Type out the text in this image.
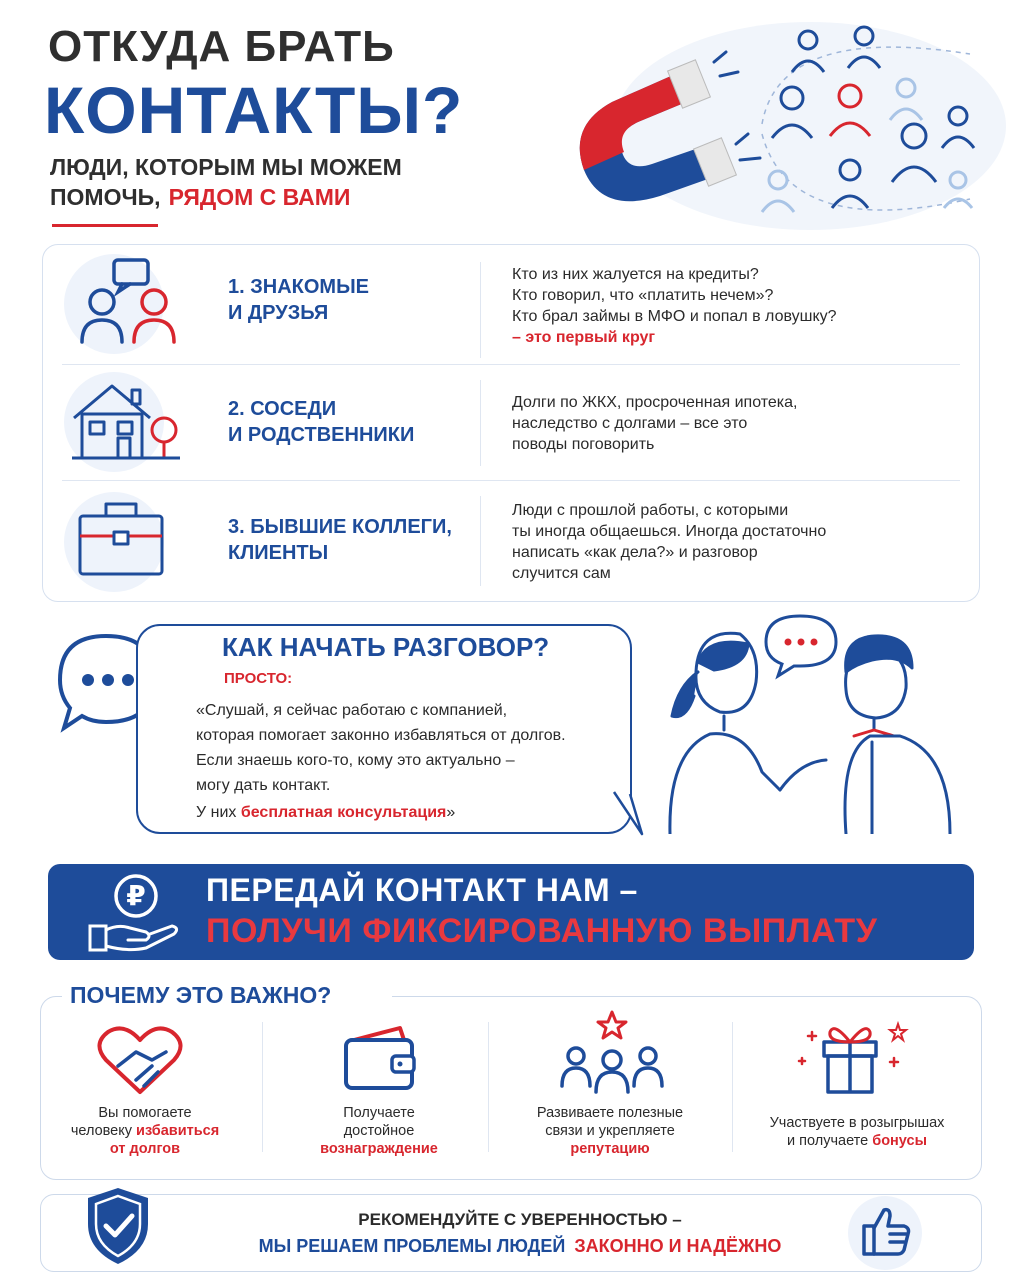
ОТКУДА БРАТЬ
КОНТАКТЫ?
ЛЮДИ, КОТОРЫМ МЫ МОЖЕМ
ПОМОЧЬ, РЯДОМ С ВАМИ
1. ЗНАКОМЫЕ
И ДРУЗЬЯ
Кто из них жалуется на кредиты?
Кто говорил, что «платить нечем»?
Кто брал займы в МФО и попал в ловушку?
– это первый круг
2. СОСЕДИ
И РОДСТВЕННИКИ
Долги по ЖКХ, просроченная ипотека,
наследство с долгами – все это
поводы поговорить
3. БЫВШИЕ КОЛЛЕГИ,
КЛИЕНТЫ
Люди с прошлой работы, с которыми
ты иногда общаешься. Иногда достаточно
написать «как дела?» и разговор
случится сам
КАК НАЧАТЬ РАЗГОВОР?
ПРОСТО:
«Слушай, я сейчас работаю с компанией,
которая помогает законно избавляться от долгов.
Если знаешь кого-то, кому это актуально –
могу дать контакт.
У них бесплатная консультация»
₽ ПЕРЕДАЙ КОНТАКТ НАМ –
ПОЛУЧИ ФИКСИРОВАННУЮ ВЫПЛАТУ
ПОЧЕМУ ЭТО ВАЖНО?
Вы помогаете
человеку избавиться
от долгов
Получаете
достойное
вознаграждение
Развиваете полезные
связи и укрепляете
репутацию
Участвуете в розыгрышах
и получаете бонусы
РЕКОМЕНДУЙТЕ С УВЕРЕННОСТЬЮ –
МЫ РЕШАЕМ ПРОБЛЕМЫ ЛЮДЕЙ ЗАКОННО И НАДЁЖНО
